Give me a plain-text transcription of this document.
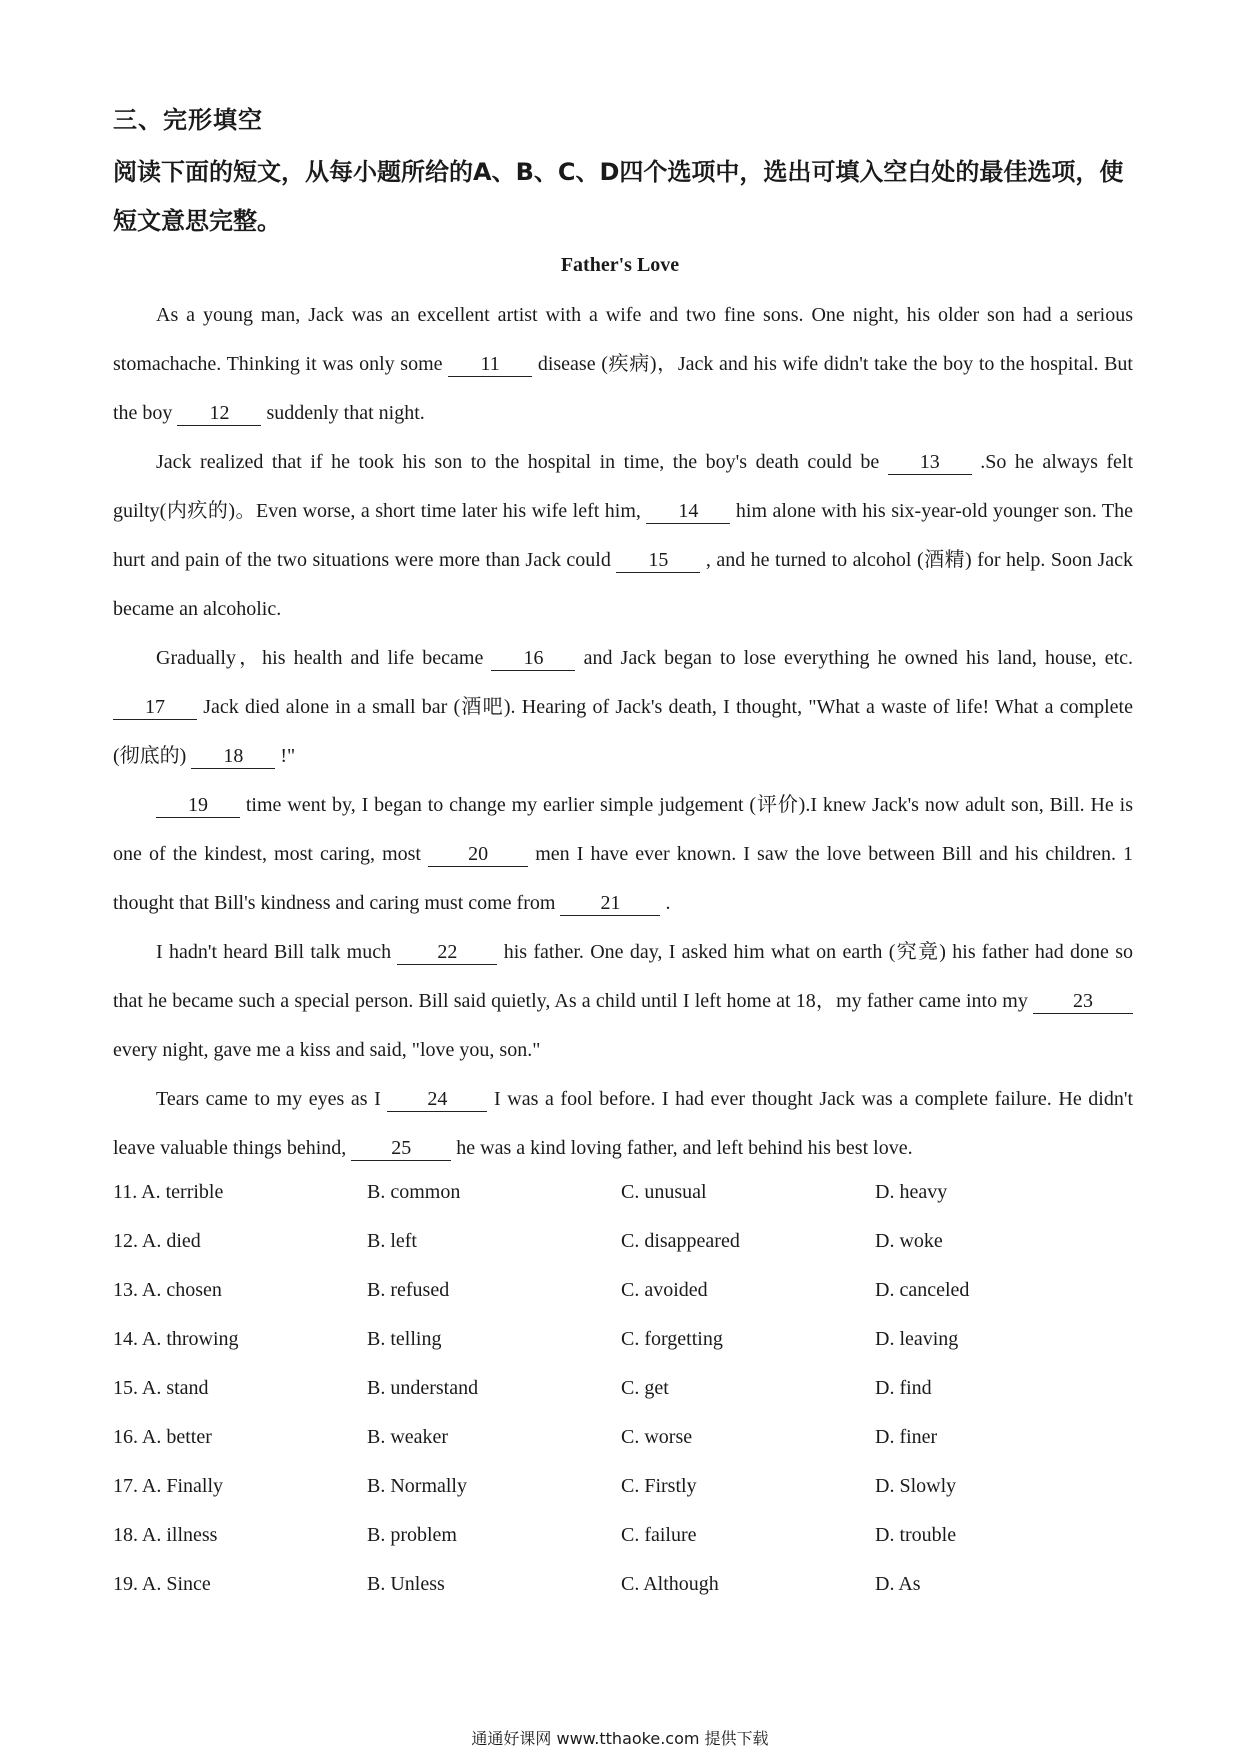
三、完形填空
阅读下面的短文，从每小题所给的A、B、C、D四个选项中，选出可填入空白处的最佳选项，使短文意思完整。
Father's Love

As a young man, Jack was an excellent artist with a wife and two fine sons. One night, his older son had a serious stomachache. Thinking it was only some 11 disease (疾病)，Jack and his wife didn't take the boy to the hospital. But the boy 12 suddenly that night.

Jack realized that if he took his son to the hospital in time, the boy's death could be 13 .So he always felt guilty(内疚的)。Even worse, a short time later his wife left him, 14 him alone with his six-year-old younger son. The hurt and pain of the two situations were more than Jack could 15 , and he turned to alcohol (酒精) for help. Soon Jack became an alcoholic.

Gradually，his health and life became 16 and Jack began to lose everything he owned his land, house, etc. 17 Jack died alone in a small bar (酒吧). Hearing of Jack's death, I thought, "What a waste of life! What a complete (彻底的) 18 !"

19 time went by, I began to change my earlier simple judgement (评价).I knew Jack's now adult son, Bill. He is one of the kindest, most caring, most 20 men I have ever known. I saw the love between Bill and his children. 1 thought that Bill's kindness and caring must come from 21 .

I hadn't heard Bill talk much 22 his father. One day, I asked him what on earth (究竟) his father had done so that he became such a special person. Bill said quietly, As a child until I left home at 18，my father came into my 23 every night, gave me a kiss and said, "love you, son."

Tears came to my eyes as I 24 I was a fool before. I had ever thought Jack was a complete failure. He didn't leave valuable things behind, 25 he was a kind loving father, and left behind his best love.

11. A. terrible	B. common	C. unusual	D. heavy
12. A. died	B. left	C. disappeared	D. woke
13. A. chosen	B. refused	C. avoided	D. canceled
14. A. throwing	B. telling	C. forgetting	D. leaving
15. A. stand	B. understand	C. get	D. find
16. A. better	B. weaker	C. worse	D. finer
17. A. Finally	B. Normally	C. Firstly	D. Slowly
18. A. illness	B. problem	C. failure	D. trouble
19. A. Since	B. Unless	C. Although	D. As
通通好课网 www.tthaoke.com 提供下载
